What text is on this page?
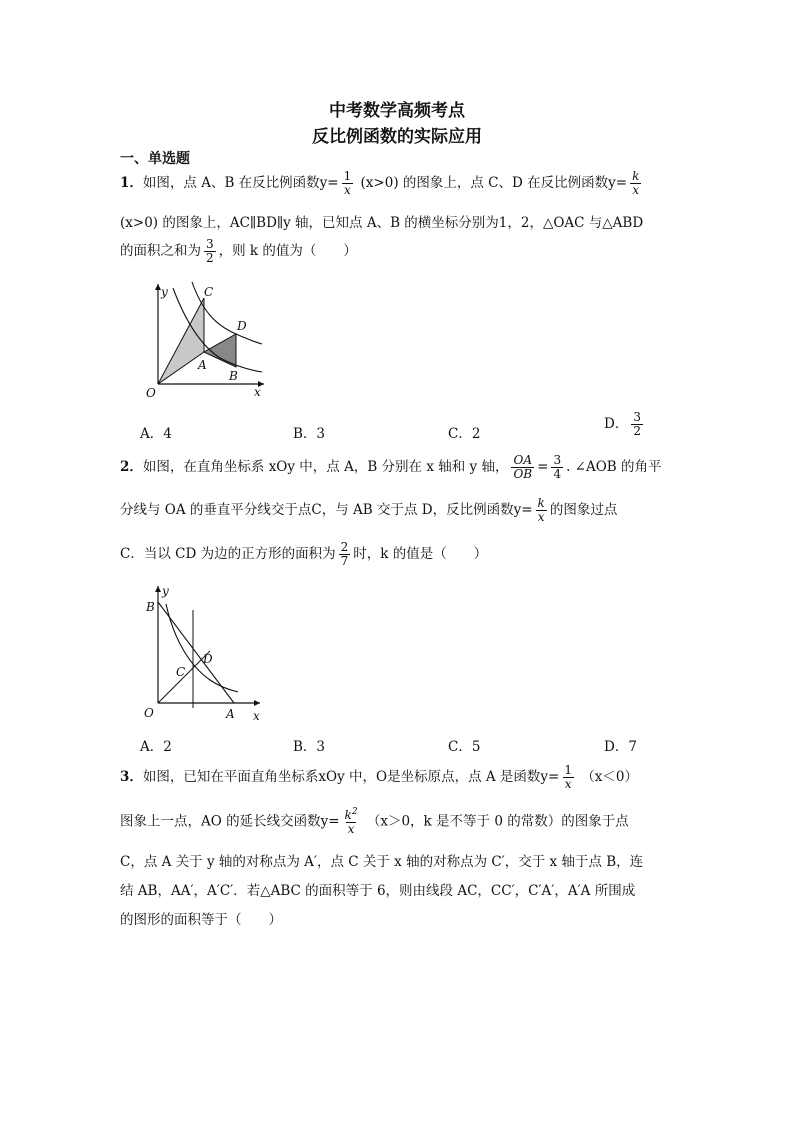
中考数学高频考点
反比例函数的实际应用
一、单选题
1．如图，点 A、B 在反比例函数$y= \frac{1}{x} (x>0)$ 的图象上，点 C、D 在反比例函数$y= \frac{k}{x}$
(x>0) 的图象上，AC∥BD∥y 轴，已知点 A、B 的横坐标分别为1，2，△OAC 与△ABD
的面积之和为 $\frac{3}{2}$ ，则 k 的值为（　　）
C
D
A
B
O	x
y
A．4	B．3	C．2
D． $\frac{3}{2}$
2．如图，在直角坐标系 xOy 中，点 A，B 分别在 x 轴和 y 轴， $\frac{OA}{OB} = \frac{3}{4}$ . ∠AOB 的角平
分线与 OA 的垂直平分线交于点C，与 AB 交于点 D，反比例函数$y= \frac{k}{x}$ 的图象过点
C．当以 CD 为边的正方形的面积为 $\frac{2}{7}$ 时，k 的值是（　　）
B
y
D
C
O	A x
A．2	B．3	C．5	D．7
3．如图，已知在平面直角坐标系xOy 中，O是坐标原点，点 A 是函数$y= \frac{1}{x} (x<0)$
图象上一点，AO 的延长线交函数$y= \frac{k^2}{x} (x>0$，k 是不等于 0 的常数）的图象于点
C，点 A 关于 y 轴的对称点为 A′，点 C 关于 x 轴的对称点为 C′，交于 x 轴于点 B，连
结 AB，AA′，A′C′．若△ABC 的面积等于 6，则由线段 AC，CC′，C′A′，A′A 所围成
的图形的面积等于（　　）
